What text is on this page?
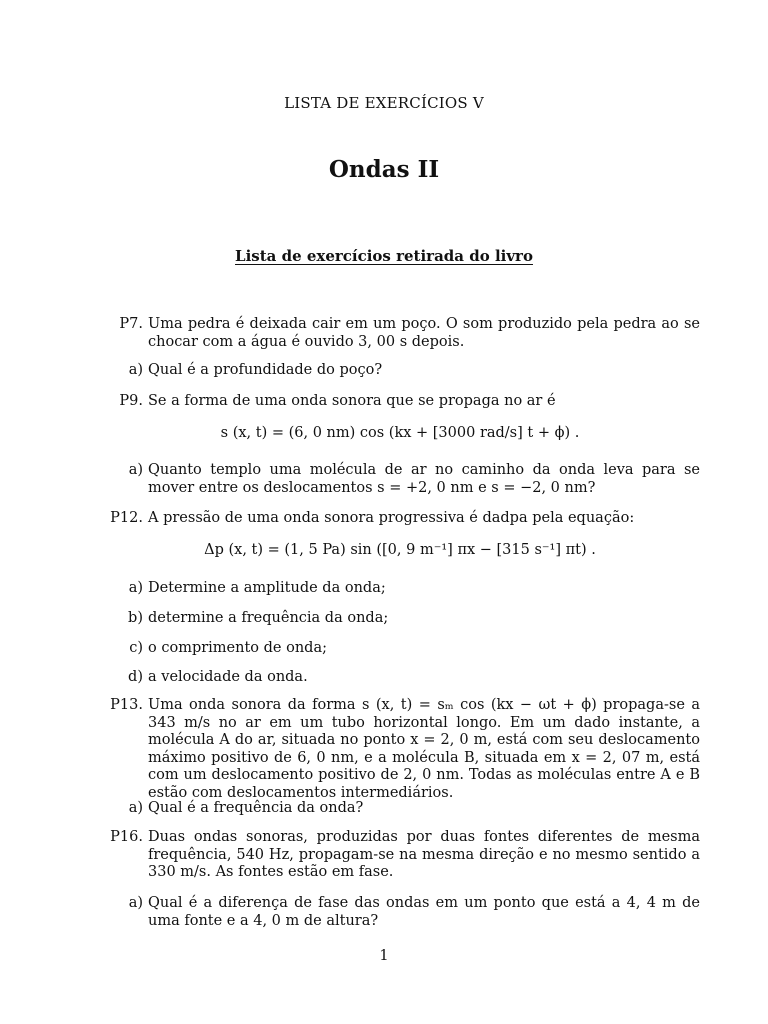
LISTA DE EXERCÍCIOS V
Ondas II
Lista de exercícios retirada do livro
P7. Uma pedra é deixada cair em um poço. O som produzido pela pedra ao se chocar com a água é ouvido 3, 00 s depois.
a) Qual é a profundidade do poço?
P9. Se a forma de uma onda sonora que se propaga no ar é
s (x, t) = (6, 0 nm) cos (kx + [3000 rad/s] t + ϕ) .
a) Quanto templo uma molécula de ar no caminho da onda leva para se mover entre os deslocamentos s = +2, 0 nm e s = −2, 0 nm?
P12. A pressão de uma onda sonora progressiva é dadpa pela equação:
Δp (x, t) = (1, 5 Pa) sin ([0, 9 m⁻¹] πx − [315 s⁻¹] πt) .
a) Determine a amplitude da onda;
b) determine a frequência da onda;
c) o comprimento de onda;
d) a velocidade da onda.
P13. Uma onda sonora da forma s (x, t) = sₘ cos (kx − ωt + ϕ) propaga-se a 343 m/s no ar em um tubo horizontal longo. Em um dado instante, a molécula A do ar, situada no ponto x = 2, 0 m, está com seu deslocamento máximo positivo de 6, 0 nm, e a molécula B, situada em x = 2, 07 m, está com um deslocamento positivo de 2, 0 nm. Todas as moléculas entre A e B estão com deslocamentos intermediários.
a) Qual é a frequência da onda?
P16. Duas ondas sonoras, produzidas por duas fontes diferentes de mesma frequência, 540 Hz, propagam-se na mesma direção e no mesmo sentido a 330 m/s. As fontes estão em fase.
a) Qual é a diferença de fase das ondas em um ponto que está a 4, 4 m de uma fonte e a 4, 0 m de altura?
1
